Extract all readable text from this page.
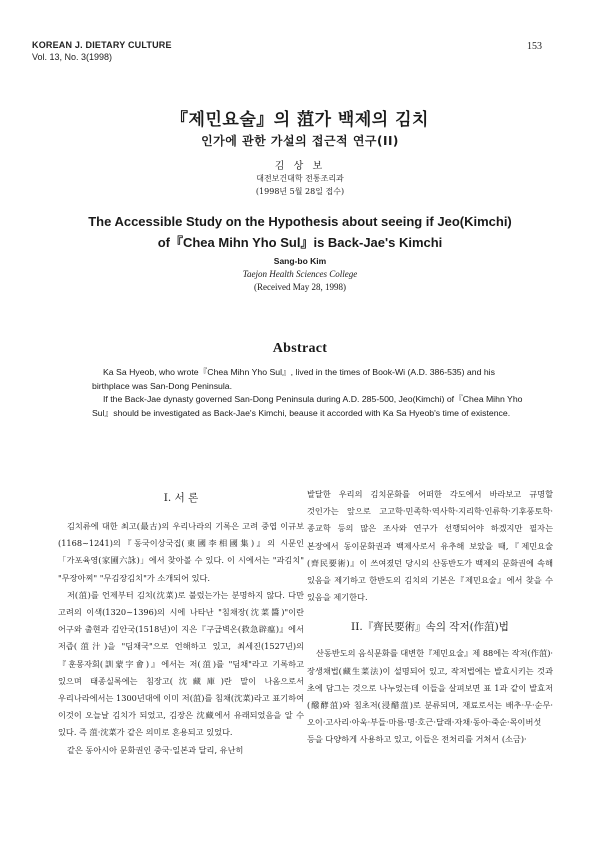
KOREAN J. DIETARY CULTURE
Vol. 13, No. 3(1998)
153
『제민요술』의 菹가 백제의 김치
인가에 관한 가설의 접근적 연구(II)
김 상 보
대전보건대학 전통조리과
(1998년 5월 28일 접수)
The Accessible Study on the Hypothesis about seeing if Jeo(Kimchi)
of『Chea Mihn Yho Sul』is Back-Jae's Kimchi
Sang-bo Kim
Taejon Health Sciences College
(Received May 28, 1998)
Abstract

Ka Sa Hyeob, who wrote『Chea Mihn Yho Sul』, lived in the times of Book-Wi (A.D. 386-535) and his birthplace was San-Dong Peninsula.

If the Back-Jae dynasty governed San-Dong Peninsula during A.D. 285-500, Jeo(Kimchi) of『Chea Mihn Yho Sul』should be investigated as Back-Jae's Kimchi, beause it accorded with Ka Sa Hyeob's time of existence.

I. 서 론

김치류에 대한 최고(最古)의 우리나라의 기록은 고려 중엽 이규보(1168~1241)의『동국이상국집(東國李相國集)』의 시문인「가포육영(家圃六詠)」에서 찾아볼 수 있다. 이 시에서는 "과김치" "무장아찌" "무김장김치"가 소개되어 있다.

저(菹)를 언제부터 김치(沈菜)로 불렀는가는 분명하지 않다. 다만 고려의 이색(1320~1396)의 시에 나타난 "침채장(沈菜醬)"이란 어구와 출현과 김안국(1518년)이 지은『구급벽온(救急辟瘟)』에서 저즙(菹汁)을 "딤채국"으로 언해하고 있고, 최세진(1527년)의『훈몽자회(訓蒙字會)』에서는 저(菹)를 "딤채"라고 기록하고 있으며 태종실록에는 침장고(沈藏庫)란 말이 나옴으로서 우리나라에서는 1300년대에 이미 저(菹)를 침채(沈菜)라고 표기하여 이것이 오늘날 김치가 되었고, 김장은 沈藏에서 유래되었음을 알 수 있다. 즉 菹·沈菜가 같은 의미로 혼용되고 있었다.

같은 동아시아 문화권인 중국·일본과 달리, 유난히

발달한 우리의 김치문화를 어떠한 각도에서 바라보고 규명할 것인가는 앞으로 고고학·민족학·역사학·지리학·인류학·기후풍토학·종교학 등의 많은 조사와 연구가 선행되어야 하겠지만 필자는 본장에서 동이문화권과 백제사로서 유추해 보았을 때,『제민요술(齊民要術)』이 쓰여졌던 당시의 산동반도가 백제의 문화권에 속해 있음을 제기하고 한반도의 김치의 기본은『제민요술』에서 찾을 수 있음을 제기한다.

II.『齊民要術』속의 작저(作菹)법

산동반도의 음식문화를 대변한『제민요술』제 88에는 작저(作菹)·장생채법(藏生菜法)이 설명되어 있고, 작저법에는 발효시키는 것과 초에 담그는 것으로 나누었는데 이들을 살펴보면 표 1과 같이 발효저(醱酵菹)와 침초저(浸醋菹)로 분류되며, 재료로서는 배추·무·순무·오이·고사리·아욱·부들·마름·명·호근·달래·자채·동아·죽순·목이버섯 등을 다양하게 사용하고 있고, 이들은 전처리를 거쳐서 (소금)·
